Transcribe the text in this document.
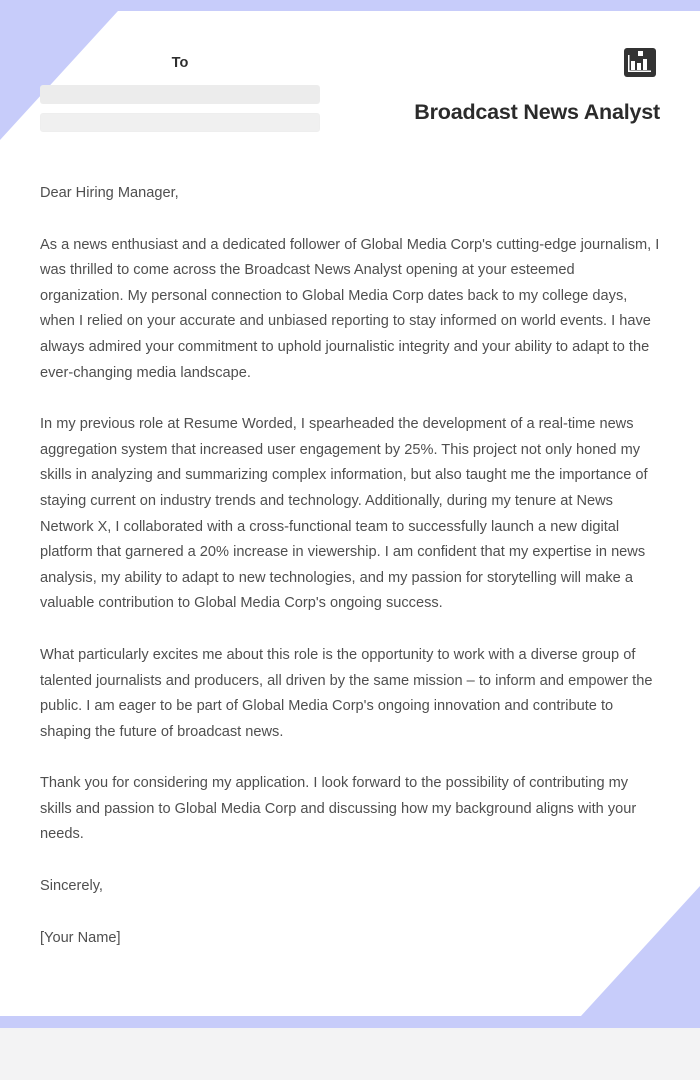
To
Broadcast News Analyst

Dear Hiring Manager,

As a news enthusiast and a dedicated follower of Global Media Corp's cutting-edge journalism, I was thrilled to come across the Broadcast News Analyst opening at your esteemed organization. My personal connection to Global Media Corp dates back to my college days, when I relied on your accurate and unbiased reporting to stay informed on world events. I have always admired your commitment to uphold journalistic integrity and your ability to adapt to the ever-changing media landscape.

In my previous role at Resume Worded, I spearheaded the development of a real-time news aggregation system that increased user engagement by 25%. This project not only honed my skills in analyzing and summarizing complex information, but also taught me the importance of staying current on industry trends and technology. Additionally, during my tenure at News Network X, I collaborated with a cross-functional team to successfully launch a new digital platform that garnered a 20% increase in viewership. I am confident that my expertise in news analysis, my ability to adapt to new technologies, and my passion for storytelling will make a valuable contribution to Global Media Corp's ongoing success.

What particularly excites me about this role is the opportunity to work with a diverse group of talented journalists and producers, all driven by the same mission – to inform and empower the public. I am eager to be part of Global Media Corp's ongoing innovation and contribute to shaping the future of broadcast news.

Thank you for considering my application. I look forward to the possibility of contributing my skills and passion to Global Media Corp and discussing how my background aligns with your needs.

Sincerely,

[Your Name]
